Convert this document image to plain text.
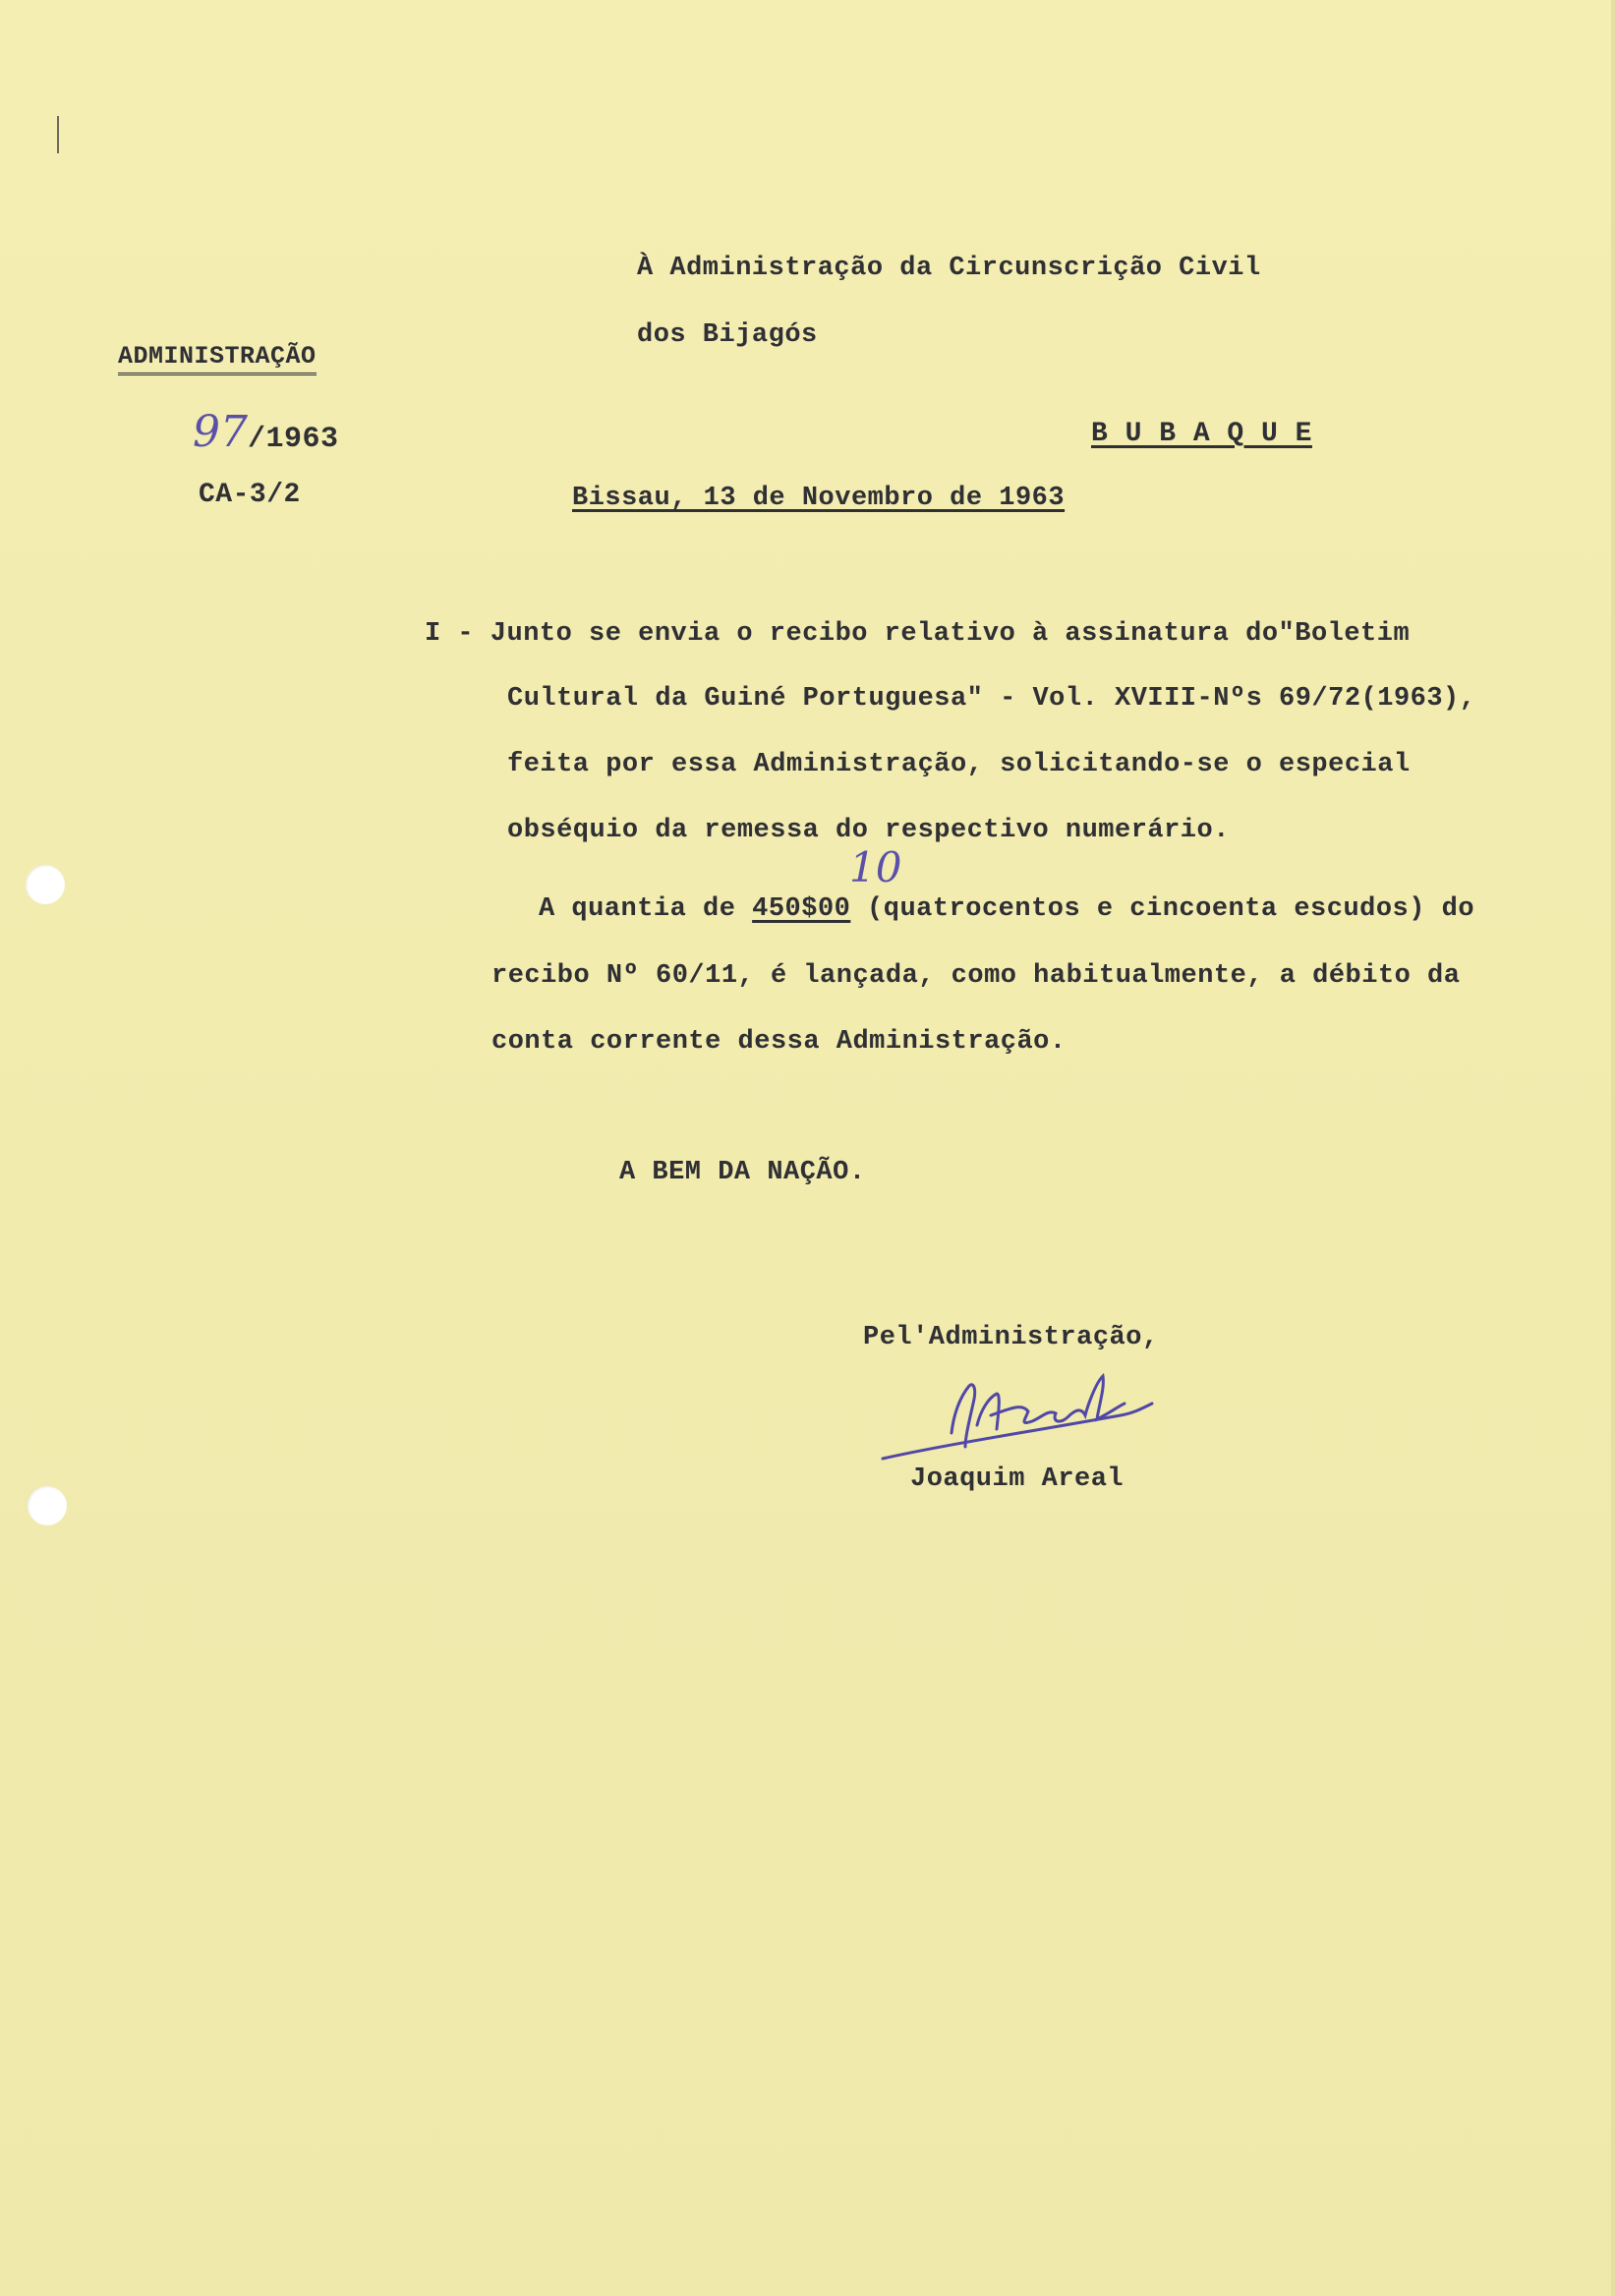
ADMINISTRAÇÃO
97/1963
CA-3/2
À Administração da Circunscrição Civil
dos Bijagós
B U B A Q U E
Bissau, 13 de Novembro de 1963
I - Junto se envia o recibo relativo à assinatura do"Boletim
Cultural da Guiné Portuguesa" - Vol. XVIII-Nºs 69/72(1963),
feita por essa Administração, solicitando-se o especial
obséquio da remessa do respectivo numerário.
A quantia de 450$00 (quatrocentos e cincoenta escudos) do
10
recibo Nº 60/11, é lançada, como habitualmente, a débito da
conta corrente dessa Administração.
A BEM DA NAÇÃO.
Pel'Administração,
Joaquim Areal
